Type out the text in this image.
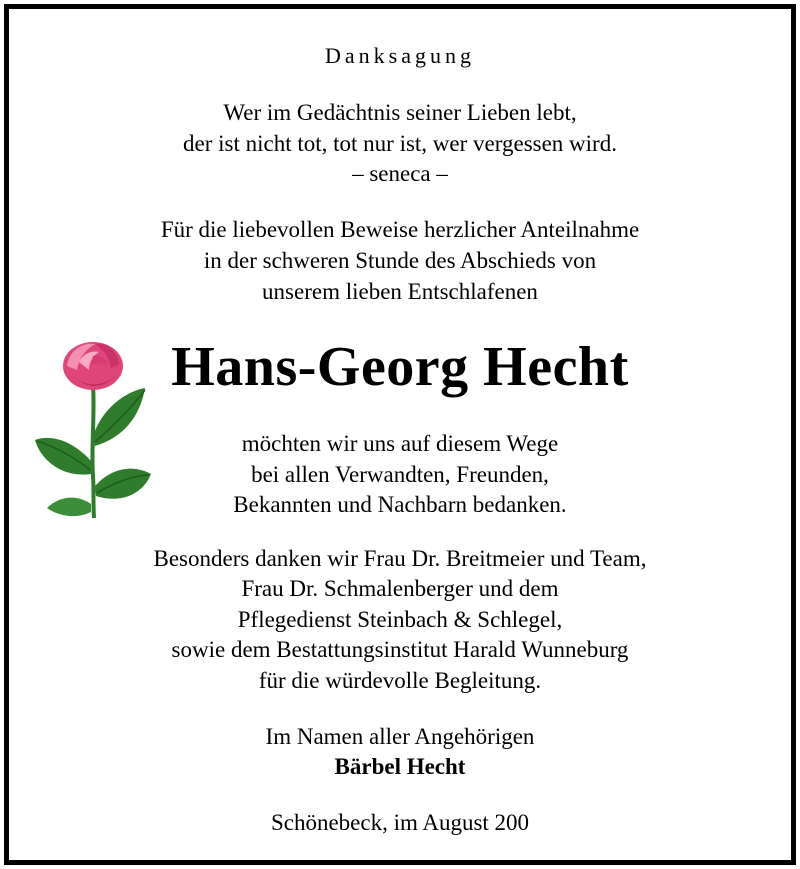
Danksagung
Wer im Gedächtnis seiner Lieben lebt,
der ist nicht tot, tot nur ist, wer vergessen wird.
– seneca –
Für die liebevollen Beweise herzlicher Anteilnahme
in der schweren Stunde des Abschieds von
unserem lieben Entschlafenen
Hans-Georg Hecht
möchten wir uns auf diesem Wege
bei allen Verwandten, Freunden,
Bekannten und Nachbarn bedanken.
Besonders danken wir Frau Dr. Breitmeier und Team,
Frau Dr. Schmalenberger und dem
Pflegedienst Steinbach & Schlegel,
sowie dem Bestattungsinstitut Harald Wunneburg
für die würdevolle Begleitung.
Im Namen aller Angehörigen
Bärbel Hecht
Schönebeck, im August 200
